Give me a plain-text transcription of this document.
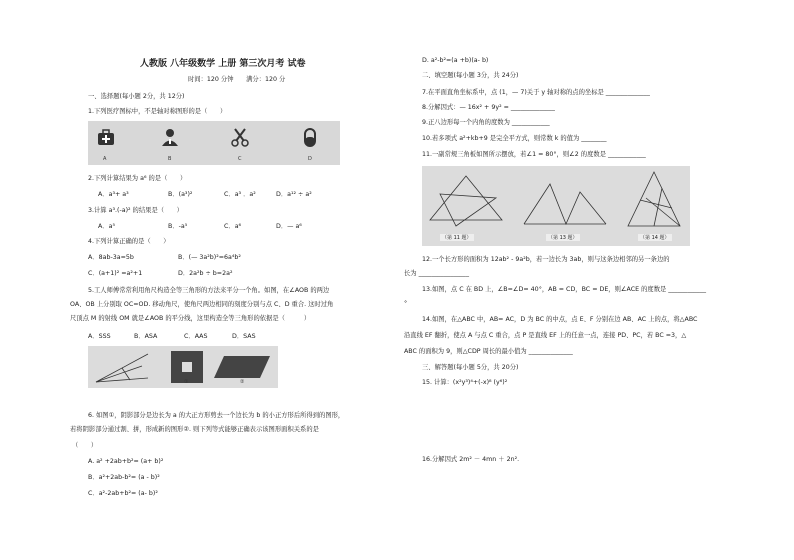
人教版 八年级数学 上册 第三次月考 试卷
时间：120 分钟　　满分：120 分
一、选择题(每小题 2分，共 12分)
1.下列医疗图标中，不是轴对称图形的是（　　）
A	B	C	D
2.下列计算结果为 a⁶ 的是（　　）
A．a³+ a³	B．(a³)²	C．a³ ．a²	D．a¹² ÷ a²
3.计算 a³.(-a)² 的结果是（　　）
A．a⁵	B．-a⁵	C．a⁶	D．— a⁶
4.下列计算正确的是（　　）
A．8ab-3a=5b	B．(— 3a²b)²=6a⁴b²
C．(a+1)² =a²+1	D．2a²b ÷ b=2a²
5.工人师傅常常利用角尺构造全等三角形的方法来平分一个角。如图，在∠AOB 的两边
OA、OB 上分别取 OC=OD. 移动角尺，使角尺两边相同的刻度分别与点 C、D 重合. 这时过角
尺顶点 M 的射线 OM 就是∠AOB 的平分线，这里构造全等三角形的依据是（　　　）
A．SSS	B．ASA	C．AAS	D．SAS
①	②
6. 如图①，阴影部分是边长为 a 的大正方形剪去一个边长为 b 的小正方形后所得到的图形，
若将阴影部分通过割、拼，形成新的图形②. 则下列等式能够正确表示该图形面积关系的是
（　　）
A. a² +2ab+b²= (a+ b)²
B．a²+2ab-b²= (a - b)²
C．a²-2ab+b²= (a- b)²
D. a²-b²=(a +b)(a- b)
二、填空题(每小题 3分，共 24分)
7.在平面直角坐标系中，点 (1，— 7)关于 y 轴对称的点的坐标是 ______________
8.分解因式：— 16x² + 9y² = ______________
9.正八边形每一个内角的度数为 ____________
10.若多项式 a²+kb+9 是完全平方式，则常数 k 的值为 ________
11.一副常规三角板如图所示摆放，若∠1 = 80°，则∠2 的度数是 ____________
（第 11 题）	（第 13 题）	（第 14 题）
12.一个长方形的面积为 12ab² - 9a²b，若一边长为 3ab，则与这条边相邻的另一条边的
长为 ________________
13.如图，点 C 在 BD 上，∠B=∠D= 40°，AB = CD，BC = DE，则∠ACE 的度数是 ____________
°
14.如图，在△ABC 中，AB= AC，D 为 BC 的中点，点 E、F 分别在边 AB、AC 上的点，将△ABC
沿直线 EF 翻折，使点 A 与点 C 重合，点 P 是直线 EF 上的任意一点，连接 PD、PC，若 BC =3，△
ABC 的面积为 9，则△CDP 周长的最小值为 ______________
三、解答题(每小题 5分，共 20分)
15. 计算：(x²y³)⁴+(-x)⁸ (y⁶)²
16.分解因式 2m² － 4mn ＋ 2n².
